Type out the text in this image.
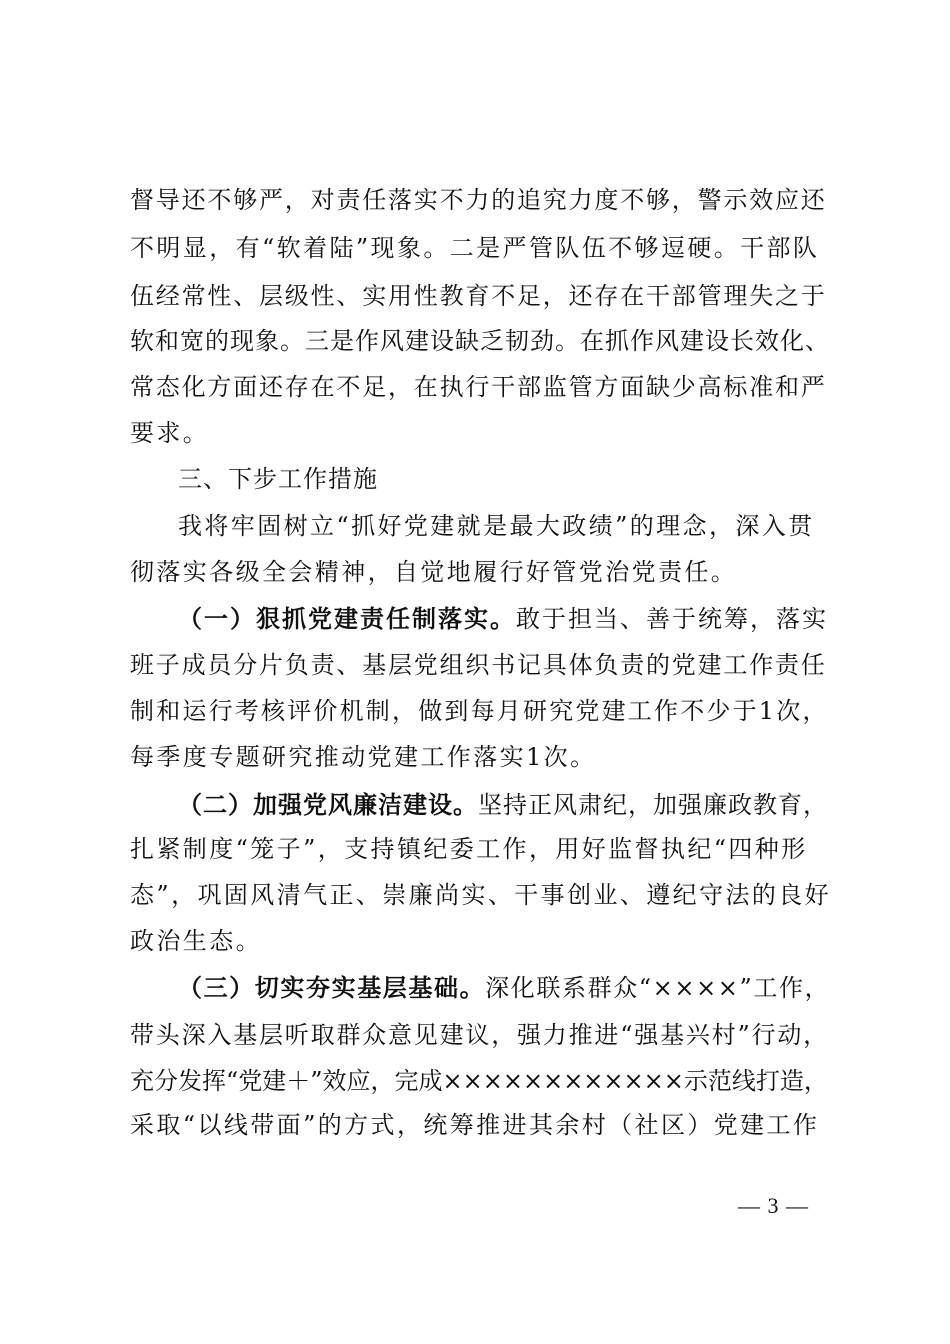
督导还不够严，对责任落实不力的追究力度不够，警示效应还
不明显，有“软着陆”现象。二是严管队伍不够逗硬。干部队
伍经常性、层级性、实用性教育不足，还存在干部管理失之于
软和宽的现象。三是作风建设缺乏韧劲。在抓作风建设长效化、
常态化方面还存在不足，在执行干部监管方面缺少高标准和严
要求。
三、下步工作措施
我将牢固树立“抓好党建就是最大政绩”的理念，深入贯
彻落实各级全会精神，自觉地履行好管党治党责任。
（一）狠抓党建责任制落实。敢于担当、善于统筹，落实
班子成员分片负责、基层党组织书记具体负责的党建工作责任
制和运行考核评价机制，做到每月研究党建工作不少于1次，
每季度专题研究推动党建工作落实1次。
（二）加强党风廉洁建设。坚持正风肃纪，加强廉政教育，
扎紧制度“笼子”，支持镇纪委工作，用好监督执纪“四种形
态”，巩固风清气正、崇廉尚实、干事创业、遵纪守法的良好
政治生态。
（三）切实夯实基层基础。深化联系群众“××××”工作，
带头深入基层听取群众意见建议，强力推进“强基兴村”行动，
充分发挥“党建＋”效应，完成××××××××××××示范线打造，
采取“以线带面”的方式，统筹推进其余村（社区）党建工作
— 3 —
